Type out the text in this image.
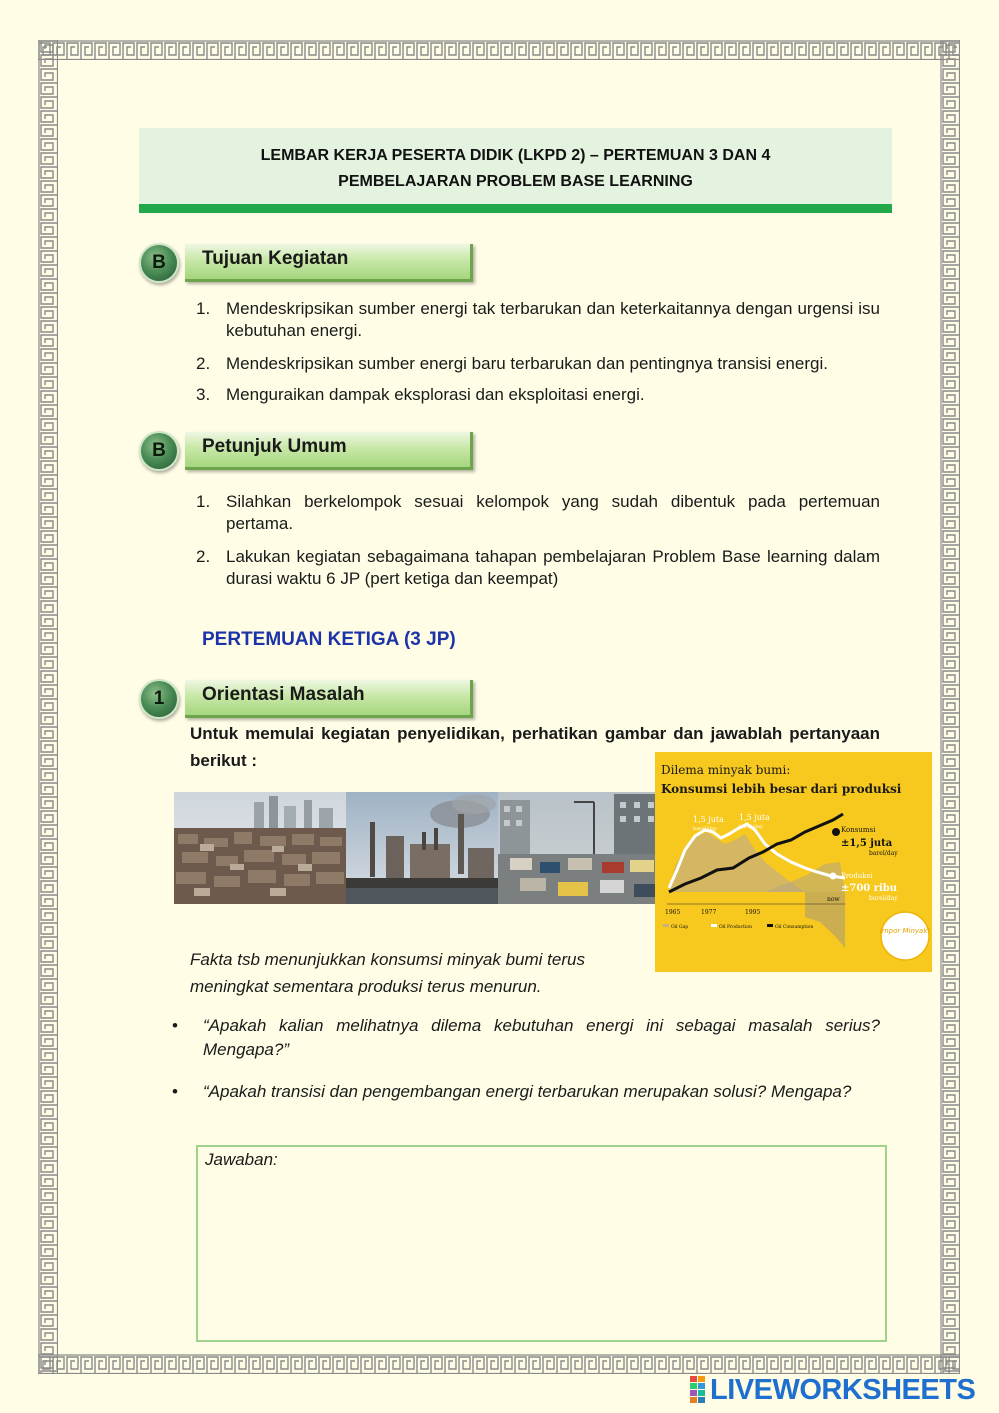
LEMBAR KERJA PESERTA DIDIK (LKPD 2) – PERTEMUAN 3 DAN 4
PEMBELAJARAN PROBLEM BASE LEARNING
B	Tujuan Kegiatan
1. Mendeskripsikan sumber energi tak terbarukan dan keterkaitannya dengan urgensi isu kebutuhan energi.
2. Mendeskripsikan sumber energi baru terbarukan dan pentingnya transisi energi.
3. Menguraikan dampak eksplorasi dan eksploitasi energi.
B	Petunjuk Umum
1. Silahkan berkelompok sesuai kelompok yang sudah dibentuk pada pertemuan pertama.
2. Lakukan kegiatan sebagaimana tahapan pembelajaran Problem Base learning dalam durasi waktu 6 JP (pert ketiga dan keempat)
PERTEMUAN KETIGA (3 JP)
1	Orientasi Masalah
Untuk memulai kegiatan penyelidikan, perhatikan gambar dan jawablah pertanyaan berikut :	Dilema minyak bumi:
Konsumsi lebih besar dari produksi
1,5 juta
barel/day
1,5 juta
barel/day	Konsumsi
±1,5 juta
barel/day
Produksi
±700 ribu
barel/day
1965	1977	1995
now
Oil Gap	Oil Production	Oil Consumption	Impor Minyak!
Fakta tsb menunjukkan konsumsi minyak bumi terus meningkat sementara produksi terus menurun.
• “Apakah kalian melihatnya dilema kebutuhan energi ini sebagai masalah serius? Mengapa?”
• “Apakah transisi dan pengembangan energi terbarukan merupakan solusi? Mengapa?
Jawaban:
LIVEWORKSHEETS
